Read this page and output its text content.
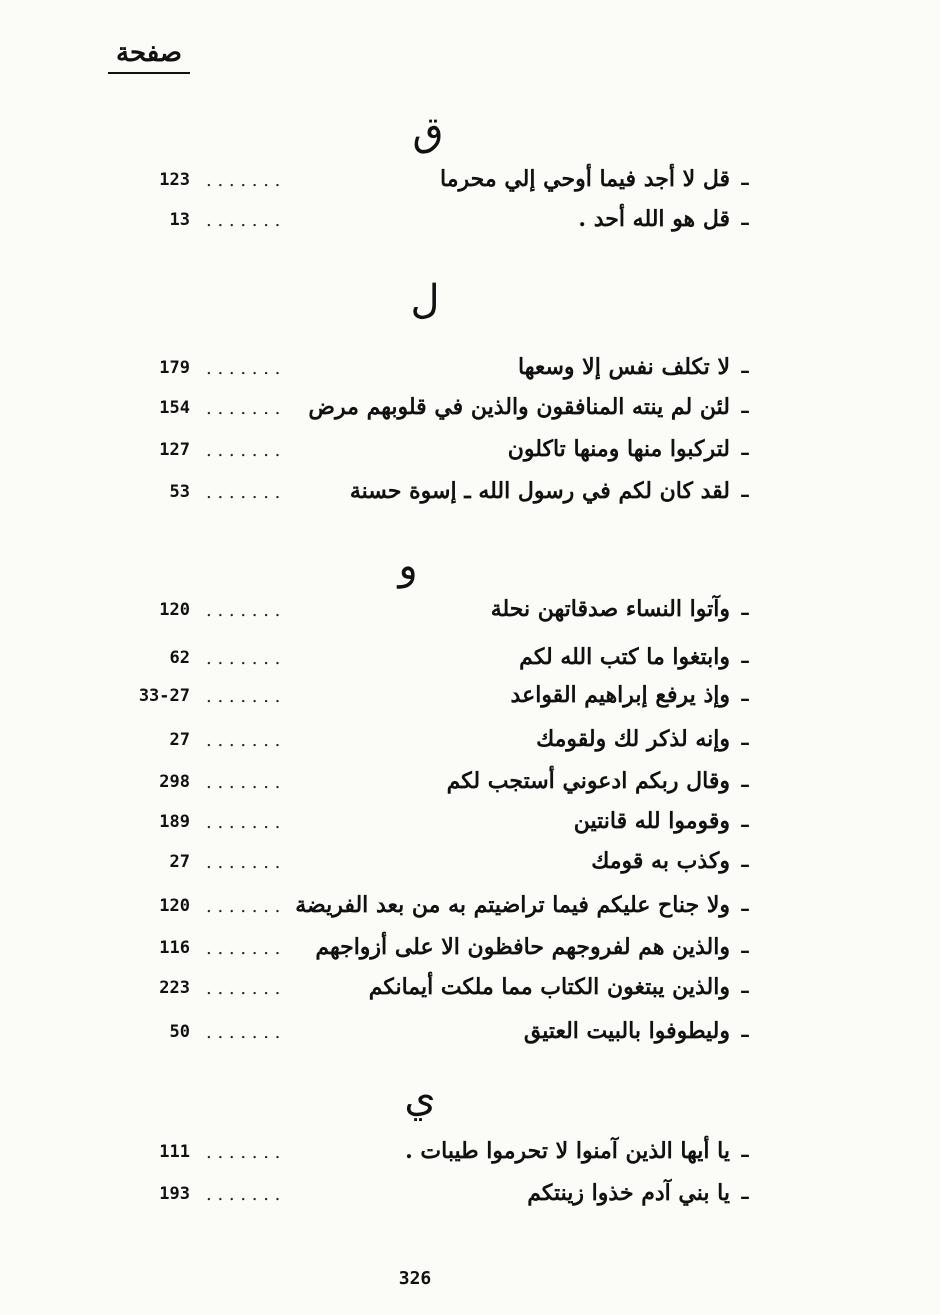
صفحة
ق
123 . . . . . . .	قل لا أجد فيما أوحي إلي محرما –
13 . . . . . . .	قل هو الله أحد . –
ل
179 . . . . . . .	لا تكلف نفس إلا وسعها –
154 . . . . . . .	لئن لم ينته المنافقون والذين في قلوبهم مرض –
127 . . . . . . .	لتركبوا منها ومنها تاكلون –
53 . . . . . . .	لقد كان لكم في رسول الله ـ إسوة حسنة –
و
120 . . . . . . .	وآتوا النساء صدقاتهن نحلة –
62 . . . . . . .	وابتغوا ما كتب الله لكم –
33-27 . . . . . . .	وإذ يرفع إبراهيم القواعد –
27 . . . . . . .	وإنه لذكر لك ولقومك –
298 . . . . . . .	وقال ربكم ادعوني أستجب لكم –
189 . . . . . . .	وقوموا لله قانتين –
27 . . . . . . .	وكذب به قومك –
120 . . . . . . . ولا جناح عليكم فيما تراضيتم به من بعد الفريضة –
116 . . . . . . .	والذين هم لفروجهم حافظون الا على أزواجهم –
223 . . . . . . .	والذين يبتغون الكتاب مما ملكت أيمانكم –
50 . . . . . . .	وليطوفوا بالبيت العتيق –
ي
111 . . . . . . .	يا أيها الذين آمنوا لا تحرموا طيبات . –
193 . . . . . . .	يا بني آدم خذوا زينتكم –
326
